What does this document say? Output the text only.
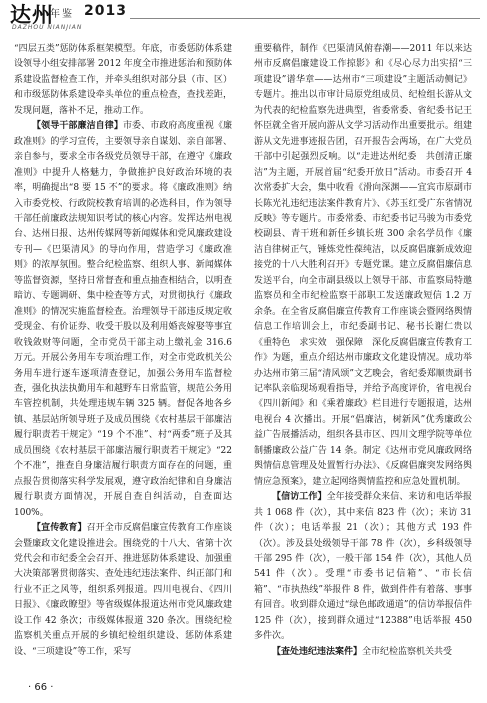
达州
年鉴 2013
DAZHOU NIANJIAN

“四层五类”惩防体系框架模型。年底，市委惩防体系建设领导小组安排部署 2012 年度全市推进惩治和预防体系建设监督检查工作，并牵头组织对部分县（市、区）和市级惩防体系建设牵头单位的重点检查，查找差距，发现问题，落补不足，推动工作。

【领导干部廉洁自律】市委、市政府高度重视《廉政准则》的学习宣传，主要领导亲自谋划、亲自部署、亲自参与，要求全市各级党员领导干部，在遵守《廉政准则》中提升人格魅力，争做推护良好政治环境的表率，明确提出“8 要 15 不”的要求。将《廉政准则》纳入市委党校、行政院校教育培训的必选科目，作为领导干部任前廉政法规知识考试的核心内容。发挥达州电视台、达州日报、达州传媒网等新闻媒体和党风廉政建设专刊—《巴渠清风》的导向作用，营造学习《廉政准则》的浓厚氛围。整合纪检监察、组织人事、新闻媒体等监督资源，坚持日常督查和重点抽查相结合，以明查暗访、专题调研、集中检查等方式，对贯彻执行《廉政准则》的情况实施监督检查。治理领导干部违反规定收受现金、有价证券、收受干股以及利用婚丧嫁娶等事宜收钱敛财等问题，全市党员干部主动上缴礼金 316.6 万元。开展公务用车专项治理工作，对全市党政机关公务用车进行逐车逐项清查登记，加强公务用车监督检查，强化执法执勤用车和越野车日常监管，规范公务用车管控机制，共处理违规车辆 325 辆。督促各地各乡镇、基层站所领导班子及成员围绕《农村基层干部廉洁履行职责若干规定》“19 个不准”、村“两委”班子及其成员围绕《农村基层干部廉洁履行职责若干规定》“22 个不准”，推查自身廉洁履行职责方面存在的问题，重点报告贯彻落实科学发展观，遵守政治纪律和自身廉洁履行职责方面情况，开展自查自纠活动，自查面达 100%。

【宣传教育】召开全市反腐倡廉宣传教育工作座谈会暨廉政文化建设推进会。围绕党的十八大、省第十次党代会和市纪委全会召开、推进惩防体系建设、加强重大决策部署贯彻落实、查处违纪违法案件、纠正部门和行业不正之风等，组织系列报道。四川电视台、《四川日报》、《廉政瞭望》等省级媒体报道达州市党风廉政建设工作 42 条次；市级媒体报道 320 条次。围绕纪检监察机关重点开展的乡镇纪检组织建设、惩防体系建设、“三项建设”等工作，采写

重要稿件，制作《巴渠清风俯春潮——2011 年以来达州市反腐倡廉建设工作掠影》和《尽心尽力出实招“三项建设”谱华章——达州市“三项建设”主题活动侧记》专题片。推出以市审计局原党组成员、纪检组长游从文为代表的纪检监察先进典型，省委常委、省纪委书记王怀臣就全省开展向游从文学习活动作出重要批示。组建游从文先进事迹报告团，召开报告会两场，在广大党员干部中引起强烈反响。以“走进达州纪委　共创清正廉洁”为主题，开展首届“纪委开放日”活动。市委召开 4 次常委扩大会，集中收看《滑向深渊——宜宾市原副市长陈光礼违纪违法案件教育片》、《苏玉红受广东省情况反映》等专题片。市委常委、市纪委书记马骏为市委党校副县、青干班和新任乡镇长班 300 余名学员作《廉洁自律树正气，锤炼党性葆纯洁，以反腐倡廉新成效迎接党的十八大胜利召开》专题党课。建立反腐倡廉信息发送平台，向全市副县级以上领导干部、市监察局特邀监察员和全市纪检监察干部职工发送廉政短信 1.2 万余条。在全省反腐倡廉宣传教育工作座谈会暨网络舆情信息工作培训会上，市纪委副书记、秘书长谢仁贵以《重特色　求实效　强保障　深化反腐倡廉宣传教育工作》为题，重点介绍达州市廉政文化建设情况。成功举办达州市第三届“清风颂”文艺晚会，省纪委郑顺贵副书记率队亲临现场观看指导，并给予高度评价，省电视台《四川新闻》和《乘着廉政》栏目进行专题报道，达州电视台 4 次播出。开展“倡廉洁，树新风”优秀廉政公益广告展播活动，组织各县市区、四川文理学院等单位制播廉政公益广告 14 条。制定《达州市党风廉政网络舆情信息管理及处置暂行办法》、《反腐倡廉突发网络舆情应急预案》，建立起网络舆情监控和应急处置机制。

【信访工作】全年接受群众来信、来访和电话举报共 1 068 件（次），其中来信 823 件（次）；来访 31 件（次）；电话举报 21（次）；其他方式 193 件（次）。涉及县处级领导干部 78 件（次），乡科级领导干部 295 件（次），一般干部 154 件（次），其他人员 541 件（次）。受理“市委书记信箱”、“市长信箱”、“市执热线”举报件 8 件，做到件件有着落、事事有回音。收到群众通过“绿色邮政通道”的信访举报信件 125 件（次），接到群众通过“12388”电话举报 450 多件次。

【查处违纪违法案件】全市纪检监察机关共受

· 66 ·
